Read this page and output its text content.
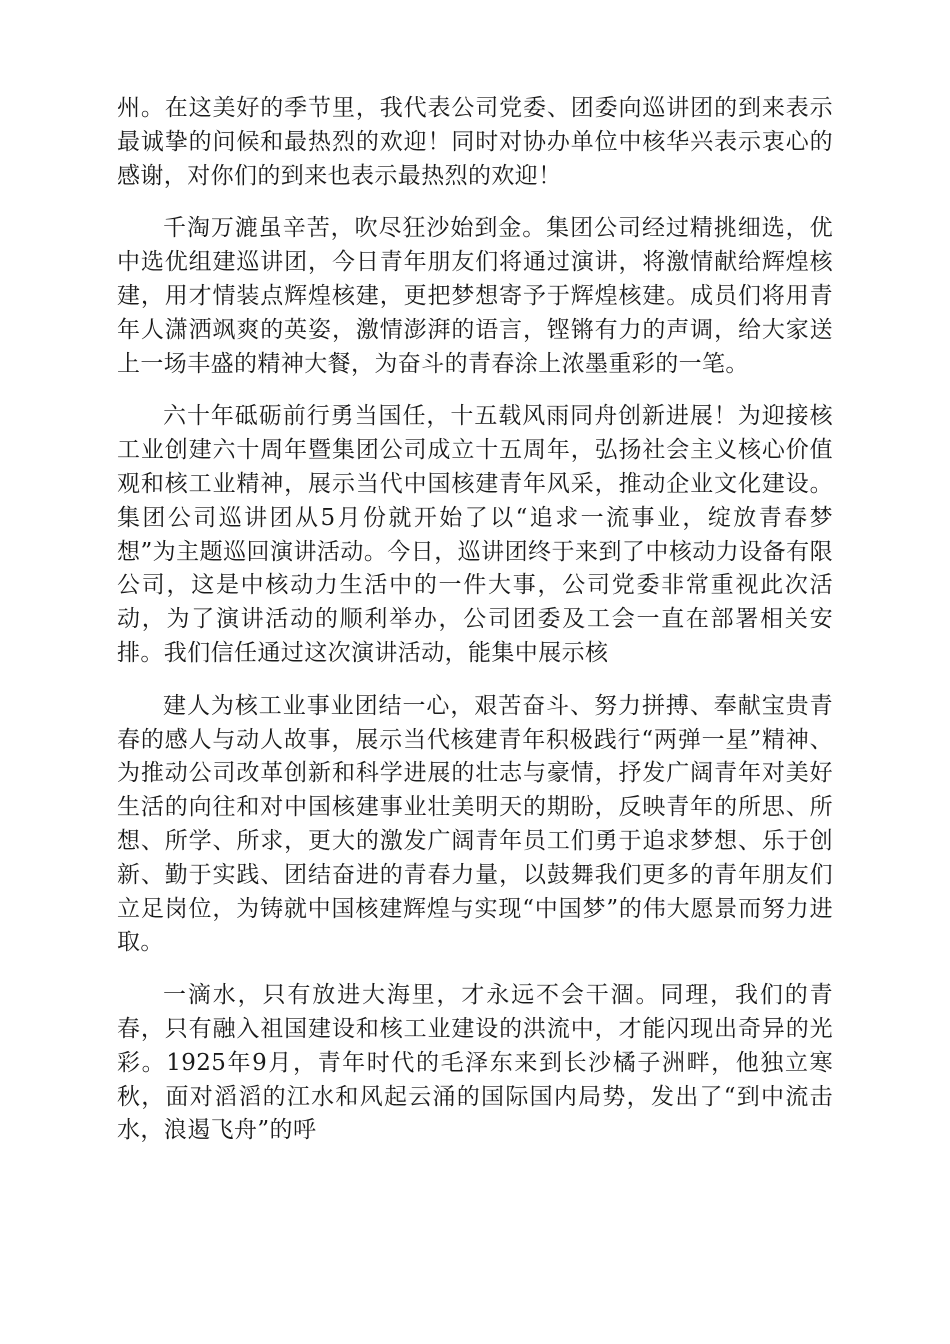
州。在这美好的季节里，我代表公司党委、团委向巡讲团的到来表示最诚挚的问候和最热烈的欢迎！同时对协办单位中核华兴表示衷心的感谢，对你们的到来也表示最热烈的欢迎！

千淘万漉虽辛苦，吹尽狂沙始到金。集团公司经过精挑细选，优中选优组建巡讲团，今日青年朋友们将通过演讲，将激情献给辉煌核建，用才情装点辉煌核建，更把梦想寄予于辉煌核建。成员们将用青年人潇洒飒爽的英姿，激情澎湃的语言，铿锵有力的声调，给大家送上一场丰盛的精神大餐，为奋斗的青春涂上浓墨重彩的一笔。

六十年砥砺前行勇当国任，十五载风雨同舟创新进展！为迎接核工业创建六十周年暨集团公司成立十五周年，弘扬社会主义核心价值观和核工业精神，展示当代中国核建青年风采，推动企业文化建设。集团公司巡讲团从5月份就开始了以“追求一流事业，绽放青春梦想”为主题巡回演讲活动。今日，巡讲团终于来到了中核动力设备有限公司，这是中核动力生活中的一件大事，公司党委非常重视此次活动，为了演讲活动的顺利举办，公司团委及工会一直在部署相关安排。我们信任通过这次演讲活动，能集中展示核

建人为核工业事业团结一心，艰苦奋斗、努力拼搏、奉献宝贵青春的感人与动人故事，展示当代核建青年积极践行“两弹一星”精神、为推动公司改革创新和科学进展的壮志与豪情，抒发广阔青年对美好生活的向往和对中国核建事业壮美明天的期盼，反映青年的所思、所想、所学、所求，更大的激发广阔青年员工们勇于追求梦想、乐于创新、勤于实践、团结奋进的青春力量，以鼓舞我们更多的青年朋友们立足岗位，为铸就中国核建辉煌与实现“中国梦”的伟大愿景而努力进取。

一滴水，只有放进大海里，才永远不会干涸。同理，我们的青春，只有融入祖国建设和核工业建设的洪流中，才能闪现出奇异的光彩。1925年9月，青年时代的毛泽东来到长沙橘子洲畔，他独立寒秋，面对滔滔的江水和风起云涌的国际国内局势，发出了“到中流击水，浪遏飞舟”的呼
